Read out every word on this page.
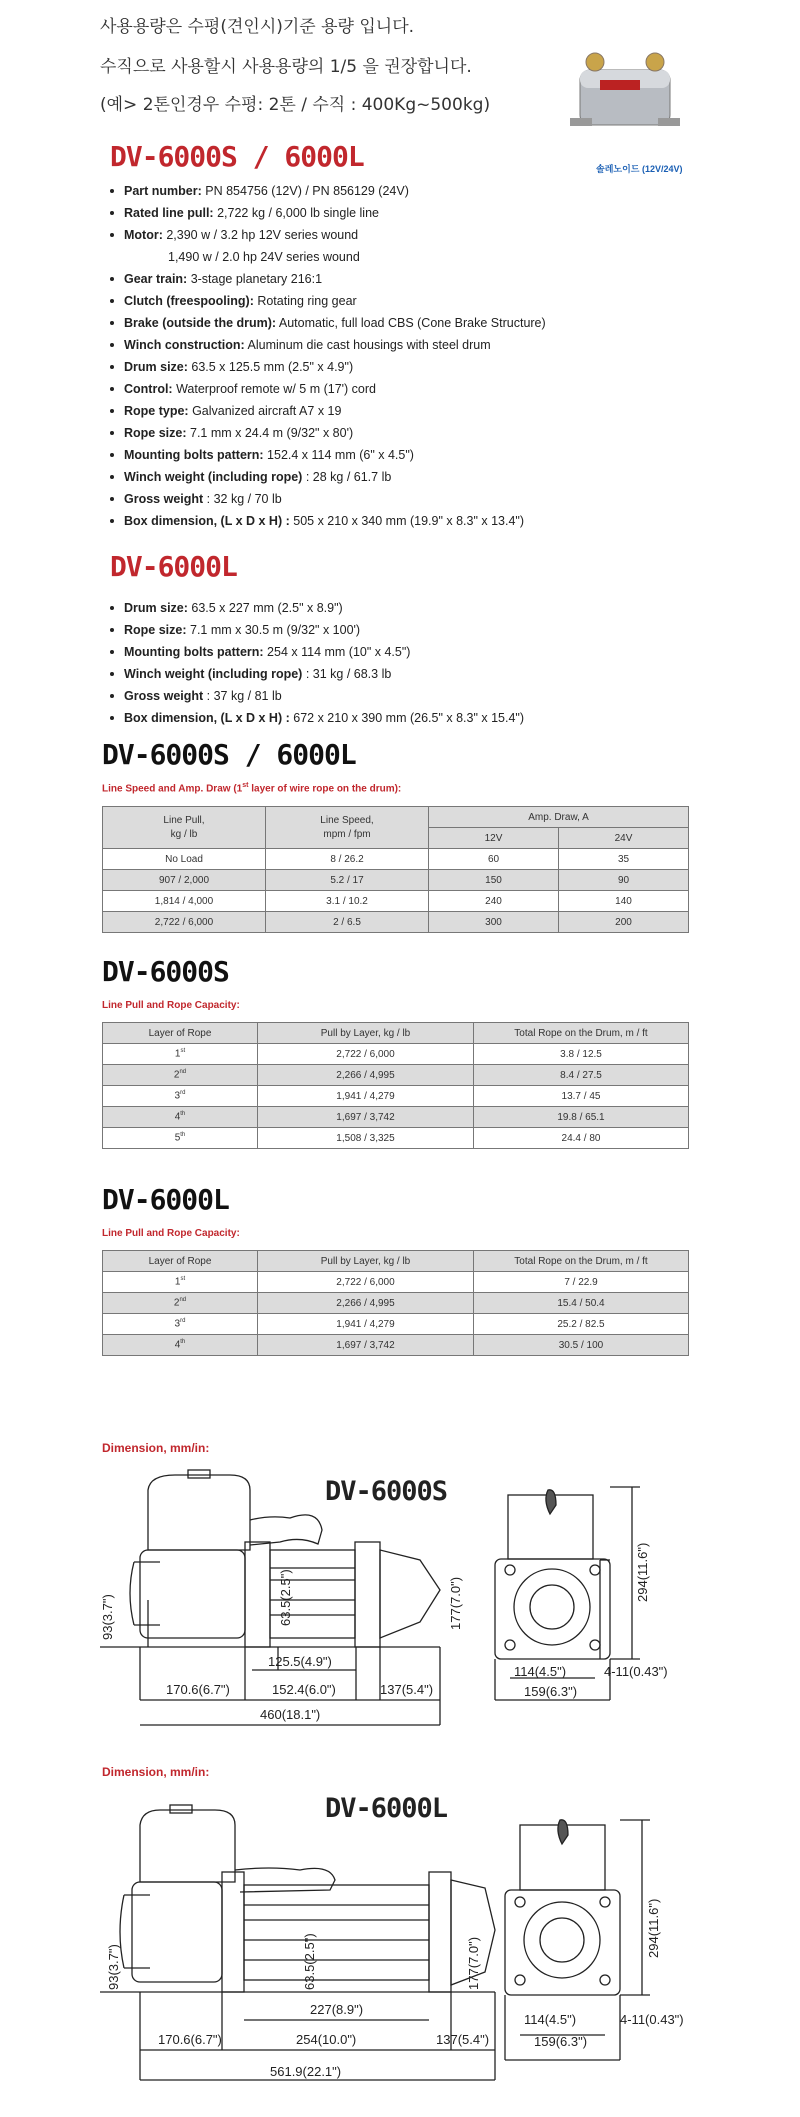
사용용량은 수평(견인시)기준 용량 입니다.
수직으로 사용할시 사용용량의 1/5 을 권장합니다.
(예> 2톤인경우 수평: 2톤 / 수직 : 400Kg~500kg)
솔레노이드 (12V/24V)
DV-6000S / 6000L
Part number: PN 854756 (12V) / PN 856129 (24V)
Rated line pull: 2,722 kg / 6,000 lb single line
Motor: 2,390 w / 3.2 hp 12V series wound
1,490 w / 2.0 hp 24V series wound
Gear train: 3-stage planetary 216:1
Clutch (freespooling): Rotating ring gear
Brake (outside the drum): Automatic, full load CBS (Cone Brake Structure)
Winch construction: Aluminum die cast housings with steel drum
Drum size: 63.5 x 125.5 mm (2.5" x 4.9")
Control: Waterproof remote w/ 5 m (17') cord
Rope type: Galvanized aircraft A7 x 19
Rope size: 7.1 mm x 24.4 m (9/32" x 80')
Mounting bolts pattern: 152.4 x 114 mm (6" x 4.5")
Winch weight (including rope) : 28 kg / 61.7 lb
Gross weight : 32 kg / 70 lb
Box dimension, (L x D x H) : 505 x 210 x 340 mm (19.9" x 8.3" x 13.4")
DV-6000L
Drum size: 63.5 x 227 mm (2.5" x 8.9")
Rope size: 7.1 mm x 30.5 m (9/32" x 100')
Mounting bolts pattern: 254 x 114 mm (10" x 4.5")
Winch weight (including rope) : 31 kg / 68.3 lb
Gross weight : 37 kg / 81 lb
Box dimension, (L x D x H) : 672 x 210 x 390 mm (26.5" x 8.3" x 15.4")
DV-6000S / 6000L
Line Speed and Amp. Draw (1st layer of wire rope on the drum):
Line Pull,
kg / lb	Line Speed,
mpm / fpm	Amp. Draw, A	
		12V	24V
No Load	8 / 26.2	60	35
907 / 2,000	5.2 / 17	150	90
1,814 / 4,000	3.1 / 10.2	240	140
2,722 / 6,000	2 / 6.5	300	200
DV-6000S
Line Pull and Rope Capacity:
Layer of Rope	Pull by Layer, kg / lb	Total Rope on the Drum, m / ft
1st	2,722 / 6,000	3.8 / 12.5
2nd	2,266 / 4,995	8.4 / 27.5
3rd	1,941 / 4,279	13.7 / 45
4th	1,697 / 3,742	19.8 / 65.1
5th	1,508 / 3,325	24.4 / 80
DV-6000L
Line Pull and Rope Capacity:
Layer of Rope	Pull by Layer, kg / lb	Total Rope on the Drum, m / ft
1st	2,722 / 6,000	7 / 22.9
2nd	2,266 / 4,995	15.4 / 50.4
3rd	1,941 / 4,279	25.2 / 82.5
4th	1,697 / 3,742	30.5 / 100
Dimension, mm/in:
DV-6000S
93(3.7")	63.5(2.5")	177(7.0")
294(11.6")
125.5(4.9")
170.6(6.7")	152.4(6.0")	137(5.4")
460(18.1")
114(4.5")	4-11(0.43")
159(6.3")
Dimension, mm/in:
DV-6000L
93(3.7")	63.5(2.5")	177(7.0")
294(11.6")
227(8.9")
170.6(6.7")	254(10.0")	137(5.4")
561.9(22.1")
114(4.5")	4-11(0.43")
159(6.3")
